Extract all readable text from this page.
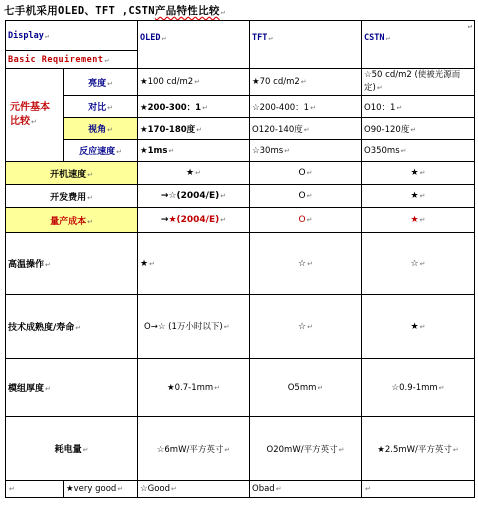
七手机采用OLED、TFT ,CSTN产品特性比较↵
Display↵		OLED↵	TFT↵	CSTN↵
↵

Basic Requirement↵				
元件基本比较↵	亮度↵	★100 cd/m2↵	★70 cd/m2↵	☆50 cd/m2 (使被光源而定)↵
	对比↵	★200-300：1↵	☆200-400：1↵	O10：1↵
	视角↵	★170-180度↵	O120-140度↵	O90-120度↵
	反应速度↵	★1ms↵	☆30ms↵	O350ms↵
开机速度↵		★↵	O↵	★↵
开发费用↵		→☆(2004/E)↵	O↵	★↵
量产成本↵		→★(2004/E)↵	O↵	★↵
高温操作↵		★↵	☆↵	☆↵
技术成熟度/寿命↵		O→☆ (1万小时以下)↵	☆↵	★↵
模组厚度↵		★0.7-1mm↵	O5mm↵	☆0.9-1mm↵
耗电量↵		☆6mW/平方英寸↵	O20mW/平方英寸↵	★2.5mW/平方英寸↵
↵	★very good↵	☆Good↵	Obad↵	↵
